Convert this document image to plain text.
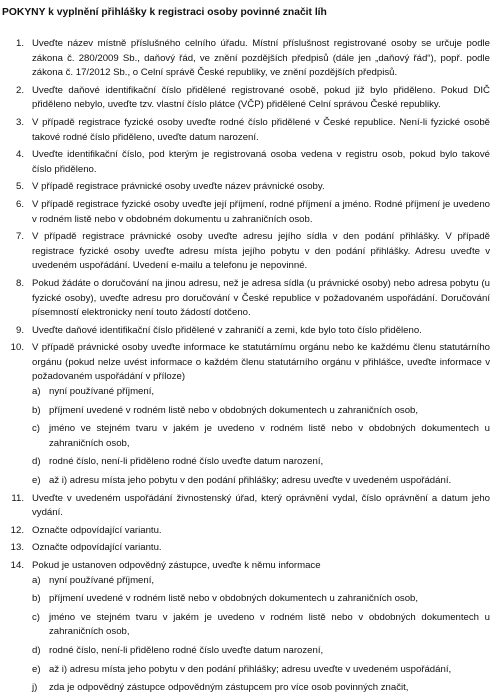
POKYNY k vyplnění přihlášky k registraci osoby povinné značit líh
1. Uveďte název místně příslušného celního úřadu. Místní příslušnost registrované osoby se určuje podle zákona č. 280/2009 Sb., daňový řád, ve znění pozdějších předpisů (dále jen „daňový řád“), popř. podle zákona č. 17/2012 Sb., o Celní správě České republiky, ve znění pozdějších předpisů.
2. Uveďte daňové identifikační číslo přidělené registrované osobě, pokud již bylo přiděleno. Pokud DIČ přiděleno nebylo, uveďte tzv. vlastní číslo plátce (VČP) přidělené Celní správou České republiky.
3. V případě registrace fyzické osoby uveďte rodné číslo přidělené v České republice. Není-li fyzické osobě takové rodné číslo přiděleno, uveďte datum narození.
4. Uveďte identifikační číslo, pod kterým je registrovaná osoba vedena v registru osob, pokud bylo takové číslo přiděleno.
5. V případě registrace právnické osoby uveďte název právnické osoby.
6. V případě registrace fyzické osoby uveďte její příjmení, rodné příjmení a jméno. Rodné příjmení je uvedeno v rodném listě nebo v obdobném dokumentu u zahraničních osob.
7. V případě registrace právnické osoby uveďte adresu jejího sídla v den podání přihlášky. V případě registrace fyzické osoby uveďte adresu místa jejího pobytu v den podání přihlášky. Adresu uveďte v uvedeném uspořádání. Uvedení e-mailu a telefonu je nepovinné.
8. Pokud žádáte o doručování na jinou adresu, než je adresa sídla (u právnické osoby) nebo adresa pobytu (u fyzické osoby), uveďte adresu pro doručování v České republice v požadovaném uspořádání. Doručování písemností elektronicky není touto žádostí dotčeno.
9. Uveďte daňové identifikační číslo přidělené v zahraničí a zemi, kde bylo toto číslo přiděleno.
10. V případě právnické osoby uveďte informace ke statutárnímu orgánu nebo ke každému členu statutárního orgánu (pokud nelze uvést informace o každém členu statutárního orgánu v přihlášce, uveďte informace v požadovaném uspořádání v příloze)
a) nyní používané příjmení,
b) příjmení uvedené v rodném listě nebo v obdobných dokumentech u zahraničních osob,
c) jméno ve stejném tvaru v jakém je uvedeno v rodném listě nebo v obdobných dokumentech u zahraničních osob,
d) rodné číslo, není-li přiděleno rodné číslo uveďte datum narození,
e) až i) adresu místa jeho pobytu v den podání přihlášky; adresu uveďte v uvedeném uspořádání.
11. Uveďte v uvedeném uspořádání živnostenský úřad, který oprávnění vydal, číslo oprávnění a datum jeho vydání.
12. Označte odpovídající variantu.
13. Označte odpovídající variantu.
14. Pokud je ustanoven odpovědný zástupce, uveďte k němu informace
a) nyní používané příjmení,
b) příjmení uvedené v rodném listě nebo v obdobných dokumentech u zahraničních osob,
c) jméno ve stejném tvaru v jakém je uvedeno v rodném listě nebo v obdobných dokumentech u zahraničních osob,
d) rodné číslo, není-li přiděleno rodné číslo uveďte datum narození,
e) až i) adresu místa jeho pobytu v den podání přihlášky; adresu uveďte v uvedeném uspořádání,
j) zda je odpovědný zástupce odpovědným zástupcem pro více osob povinných značit,
